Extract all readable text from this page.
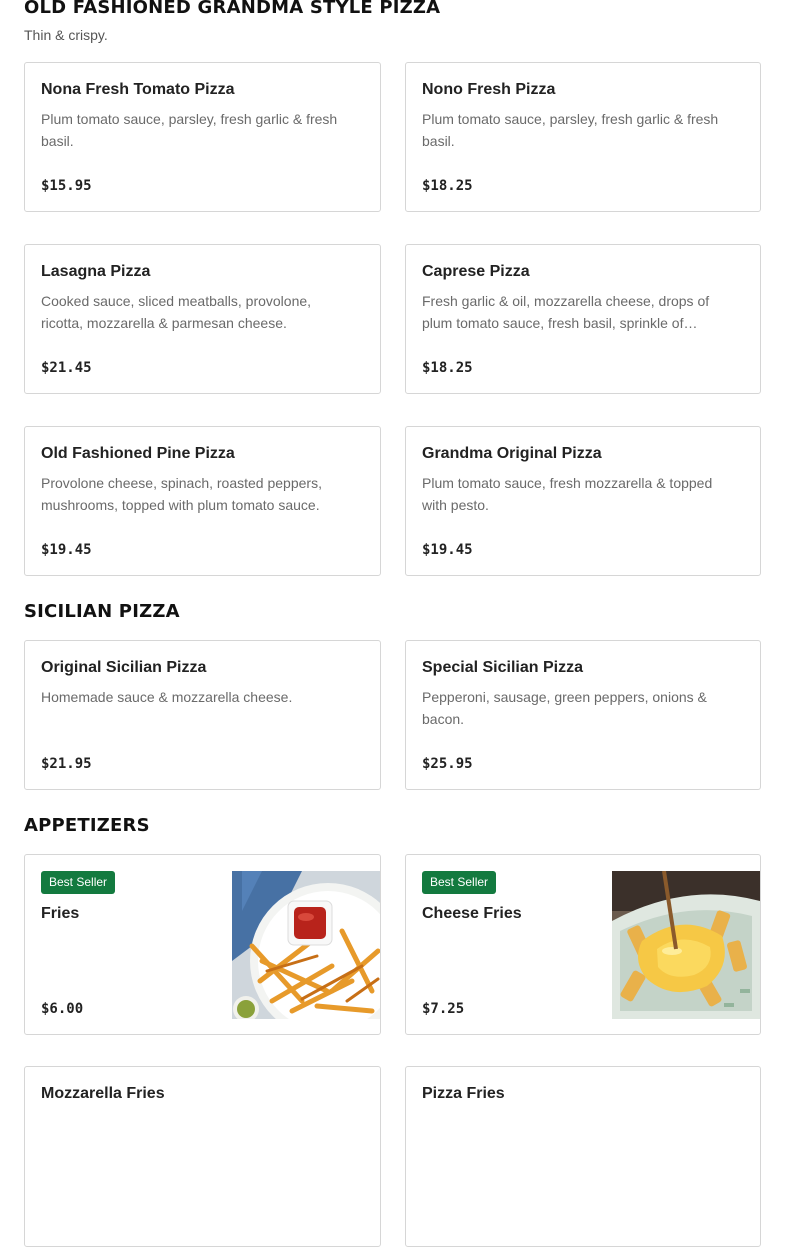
OLD FASHIONED GRANDMA STYLE PIZZA
Thin & crispy.
Nona Fresh Tomato Pizza
Plum tomato sauce, parsley, fresh garlic & fresh basil.
$15.95
Nono Fresh Pizza
Plum tomato sauce, parsley, fresh garlic & fresh basil.
$18.25
Lasagna Pizza
Cooked sauce, sliced meatballs, provolone, ricotta, mozzarella & parmesan cheese.
$21.45
Caprese Pizza
Fresh garlic & oil, mozzarella cheese, drops of plum tomato sauce, fresh basil, sprinkle of…
$18.25
Old Fashioned Pine Pizza
Provolone cheese, spinach, roasted peppers, mushrooms, topped with plum tomato sauce.
$19.45
Grandma Original Pizza
Plum tomato sauce, fresh mozzarella & topped with pesto.
$19.45
SICILIAN PIZZA
Original Sicilian Pizza
Homemade sauce & mozzarella cheese.
$21.95
Special Sicilian Pizza
Pepperoni, sausage, green peppers, onions & bacon.
$25.95
APPETIZERS
Best Seller
Fries
$6.00
Best Seller
Cheese Fries
$7.25
Mozzarella Fries	Pizza Fries
